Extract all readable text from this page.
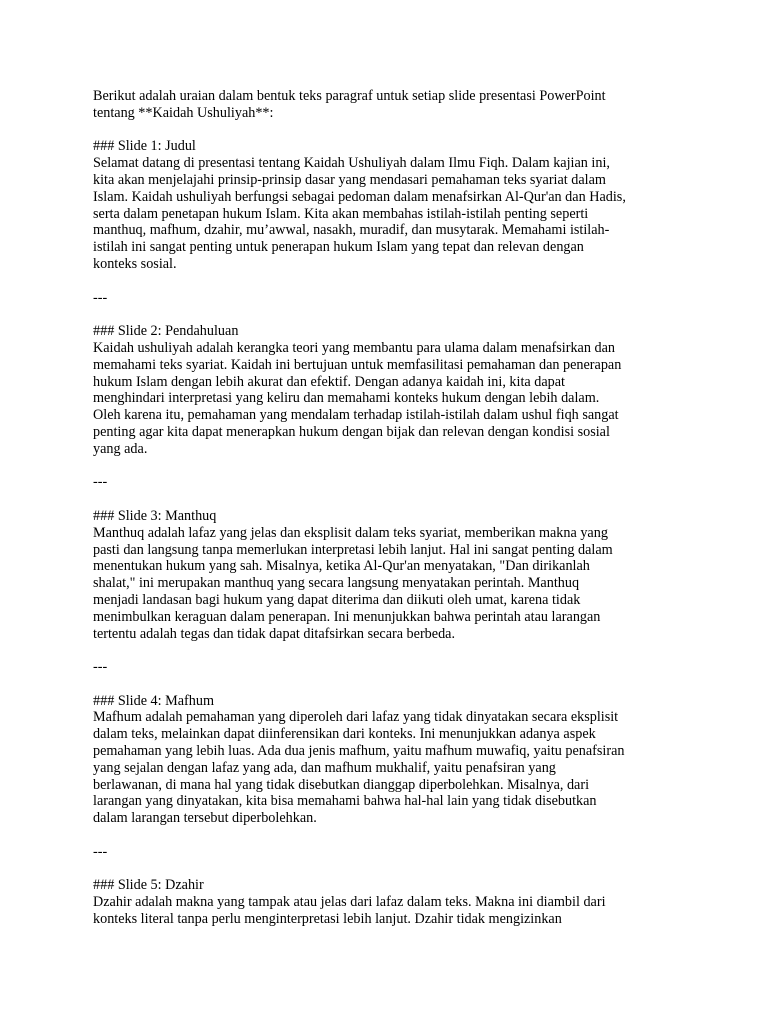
Berikut adalah uraian dalam bentuk teks paragraf untuk setiap slide presentasi PowerPoint
tentang **Kaidah Ushuliyah**:
### Slide 1: Judul
Selamat datang di presentasi tentang Kaidah Ushuliyah dalam Ilmu Fiqh. Dalam kajian ini,
kita akan menjelajahi prinsip-prinsip dasar yang mendasari pemahaman teks syariat dalam
Islam. Kaidah ushuliyah berfungsi sebagai pedoman dalam menafsirkan Al-Qur'an dan Hadis,
serta dalam penetapan hukum Islam. Kita akan membahas istilah-istilah penting seperti
manthuq, mafhum, dzahir, mu’awwal, nasakh, muradif, dan musytarak. Memahami istilah-
istilah ini sangat penting untuk penerapan hukum Islam yang tepat dan relevan dengan
konteks sosial.
---
### Slide 2: Pendahuluan
Kaidah ushuliyah adalah kerangka teori yang membantu para ulama dalam menafsirkan dan
memahami teks syariat. Kaidah ini bertujuan untuk memfasilitasi pemahaman dan penerapan
hukum Islam dengan lebih akurat dan efektif. Dengan adanya kaidah ini, kita dapat
menghindari interpretasi yang keliru dan memahami konteks hukum dengan lebih dalam.
Oleh karena itu, pemahaman yang mendalam terhadap istilah-istilah dalam ushul fiqh sangat
penting agar kita dapat menerapkan hukum dengan bijak dan relevan dengan kondisi sosial
yang ada.
---
### Slide 3: Manthuq
Manthuq adalah lafaz yang jelas dan eksplisit dalam teks syariat, memberikan makna yang
pasti dan langsung tanpa memerlukan interpretasi lebih lanjut. Hal ini sangat penting dalam
menentukan hukum yang sah. Misalnya, ketika Al-Qur'an menyatakan, "Dan dirikanlah
shalat," ini merupakan manthuq yang secara langsung menyatakan perintah. Manthuq
menjadi landasan bagi hukum yang dapat diterima dan diikuti oleh umat, karena tidak
menimbulkan keraguan dalam penerapan. Ini menunjukkan bahwa perintah atau larangan
tertentu adalah tegas dan tidak dapat ditafsirkan secara berbeda.
---
### Slide 4: Mafhum
Mafhum adalah pemahaman yang diperoleh dari lafaz yang tidak dinyatakan secara eksplisit
dalam teks, melainkan dapat diinferensikan dari konteks. Ini menunjukkan adanya aspek
pemahaman yang lebih luas. Ada dua jenis mafhum, yaitu mafhum muwafiq, yaitu penafsiran
yang sejalan dengan lafaz yang ada, dan mafhum mukhalif, yaitu penafsiran yang
berlawanan, di mana hal yang tidak disebutkan dianggap diperbolehkan. Misalnya, dari
larangan yang dinyatakan, kita bisa memahami bahwa hal-hal lain yang tidak disebutkan
dalam larangan tersebut diperbolehkan.
---
### Slide 5: Dzahir
Dzahir adalah makna yang tampak atau jelas dari lafaz dalam teks. Makna ini diambil dari
konteks literal tanpa perlu menginterpretasi lebih lanjut. Dzahir tidak mengizinkan
